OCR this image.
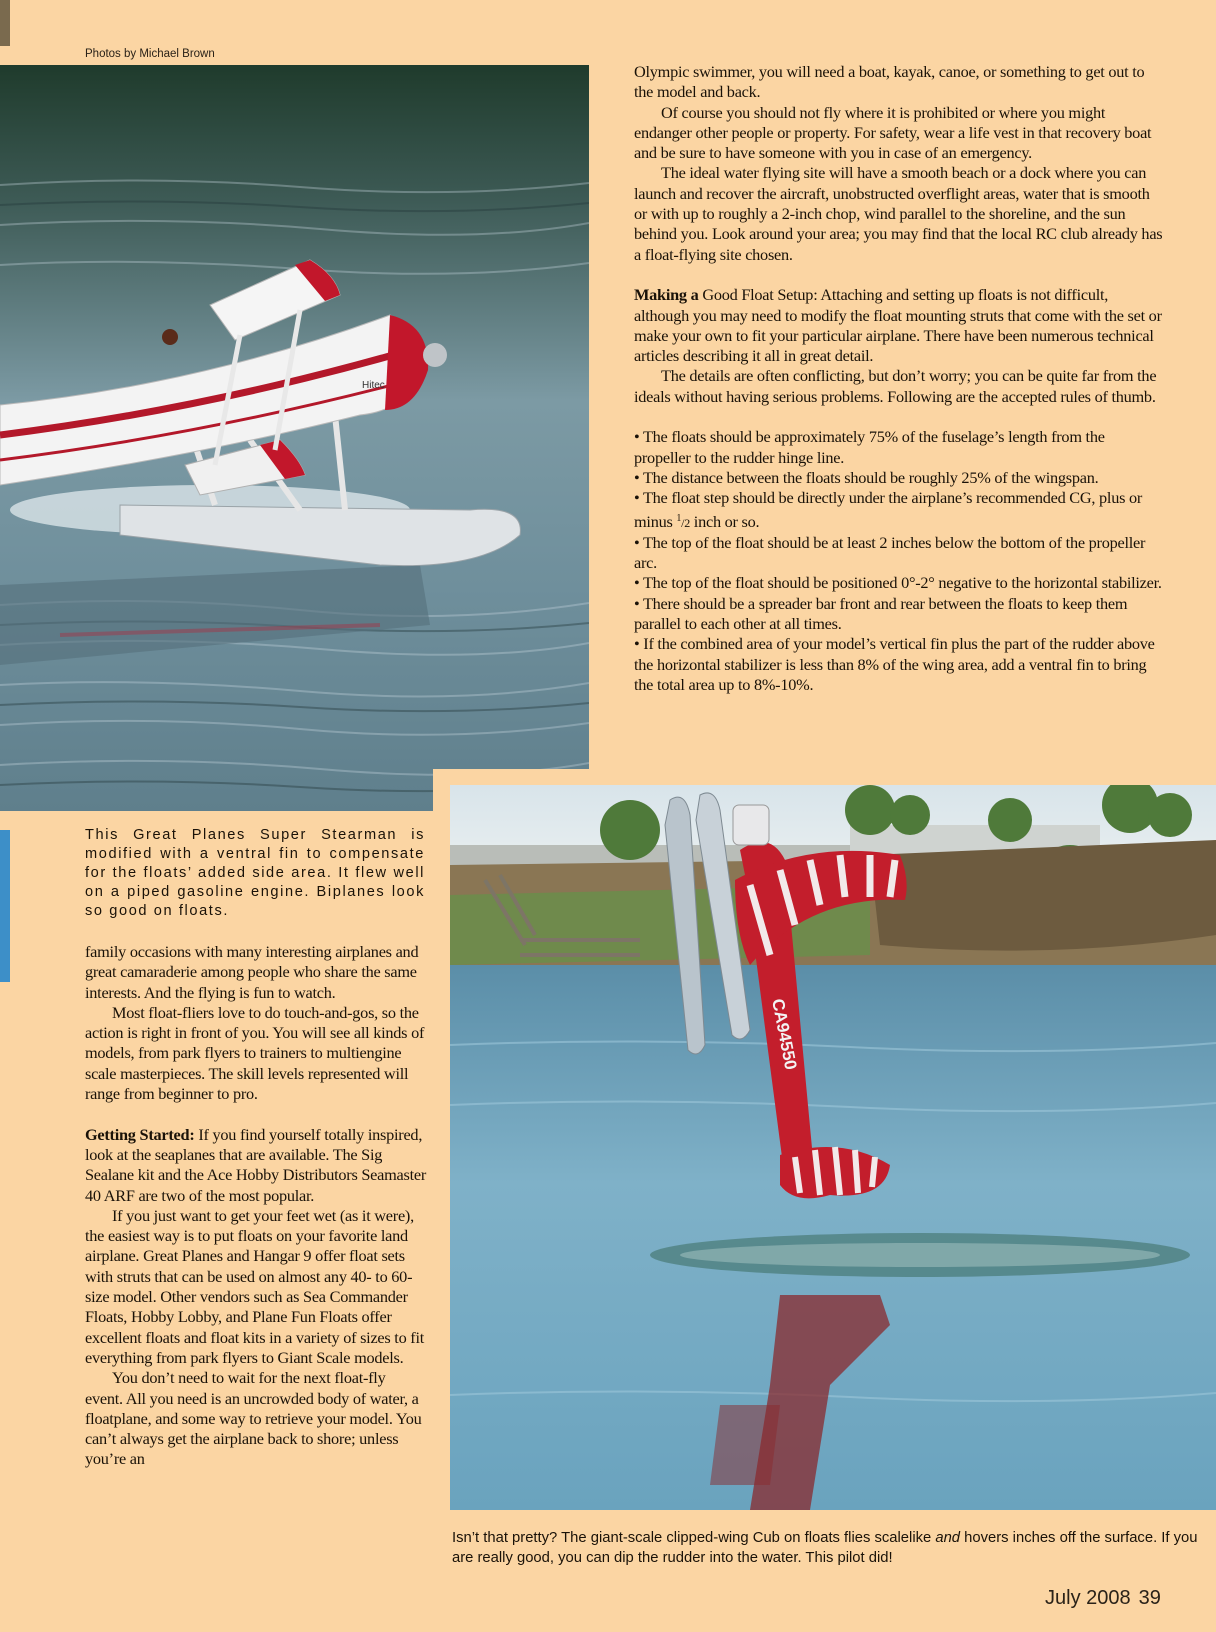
Photos by Michael Brown
Hitec

Olympic swimmer, you will need a boat, kayak, canoe, or something to get out to the model and back.

Of course you should not fly where it is prohibited or where you might endanger other people or property. For safety, wear a life vest in that recovery boat and be sure to have someone with you in case of an emergency.

The ideal water flying site will have a smooth beach or a dock where you can launch and recover the aircraft, unobstructed overflight areas, water that is smooth or with up to roughly a 2-inch chop, wind parallel to the shoreline, and the sun behind you. Look around your area; you may find that the local RC club already has a float-flying site chosen.

Making a Good Float Setup: Attaching and setting up floats is not difficult, although you may need to modify the float mounting struts that come with the set or make your own to fit your particular airplane. There have been numerous technical articles describing it all in great detail.

The details are often conflicting, but don’t worry; you can be quite far from the ideals without having serious problems. Following are the accepted rules of thumb.

• The floats should be approximately 75% of the fuselage’s length from the propeller to the rudder hinge line.

• The distance between the floats should be roughly 25% of the wingspan.

• The float step should be directly under the airplane’s recommended CG, plus or minus $^1$/2 inch or so.

• The top of the float should be at least 2 inches below the bottom of the propeller arc.

• The top of the float should be positioned 0°-2° negative to the horizontal stabilizer.

• There should be a spreader bar front and rear between the floats to keep them parallel to each other at all times.

• If the combined area of your model’s vertical fin plus the part of the rudder above the horizontal stabilizer is less than 8% of the wing area, add a ventral fin to bring the total area up to 8%-10%.

This Great Planes Super Stearman is modified with a ventral fin to compensate for the floats’ added side area. It flew well on a piped gasoline engine. Biplanes look so good on floats.

family occasions with many interesting airplanes and great camaraderie among people who share the same interests. And the flying is fun to watch.

Most float-fliers love to do touch-and-gos, so the action is right in front of you. You will see all kinds of models, from park flyers to trainers to multiengine scale masterpieces. The skill levels represented will range from beginner to pro.

Getting Started: If you find yourself totally inspired, look at the seaplanes that are available. The Sig Sealane kit and the Ace Hobby Distributors Seamaster 40 ARF are two of the most popular.

If you just want to get your feet wet (as it were), the easiest way is to put floats on your favorite land airplane. Great Planes and Hangar 9 offer float sets with struts that can be used on almost any 40- to 60-size model. Other vendors such as Sea Commander Floats, Hobby Lobby, and Plane Fun Floats offer excellent floats and float kits in a variety of sizes to fit everything from park flyers to Giant Scale models.

You don’t need to wait for the next float-fly event. All you need is an uncrowded body of water, a floatplane, and some way to retrieve your model. You can’t always get the airplane back to shore; unless you’re an

CA94550
Isn’t that pretty? The giant-scale clipped-wing Cub on floats flies scalelike and hovers inches off the surface. If you are really good, you can dip the rudder into the water. This pilot did!
July 2008 39
